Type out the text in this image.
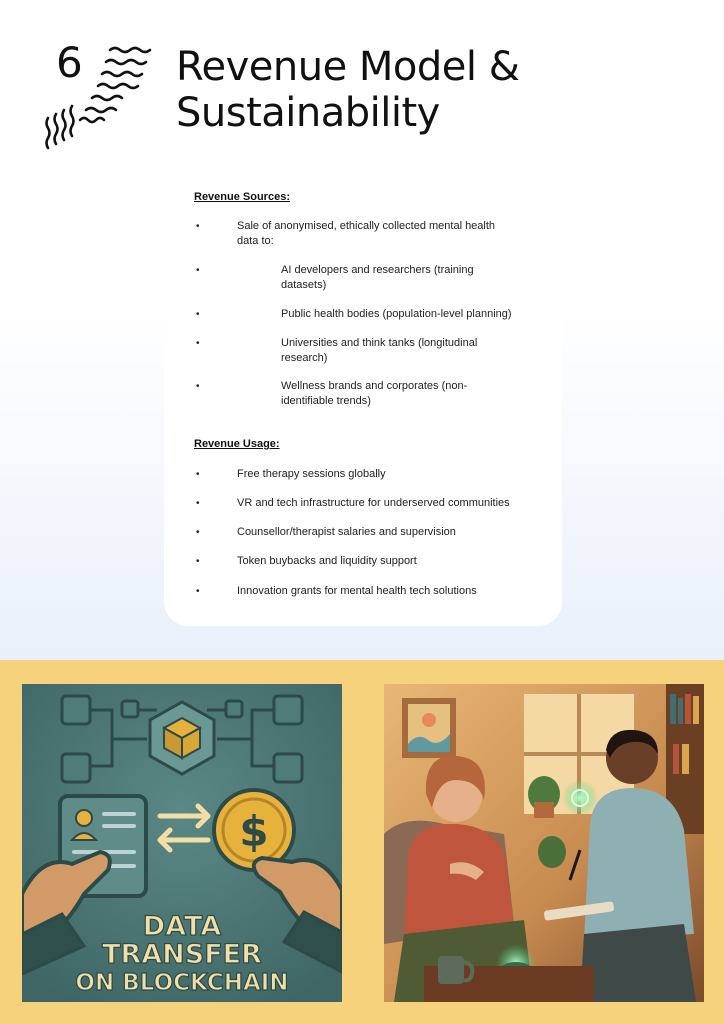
6 Revenue Model &
Sustainability
Revenue Sources:
•	Sale of anonymised, ethically collected mental health
data to:
•	AI developers and researchers (training
datasets)
•	Public health bodies (population-level planning)
•	Universities and think tanks (longitudinal
research)
•	Wellness brands and corporates (non-
identifiable trends)
Revenue Usage:
•	Free therapy sessions globally
•	VR and tech infrastructure for underserved communities
•	Counsellor/therapist salaries and supervision
•	Token buybacks and liquidity support
•	Innovation grants for mental health tech solutions
$
DATA
TRANSFER
ON BLOCKCHAIN
